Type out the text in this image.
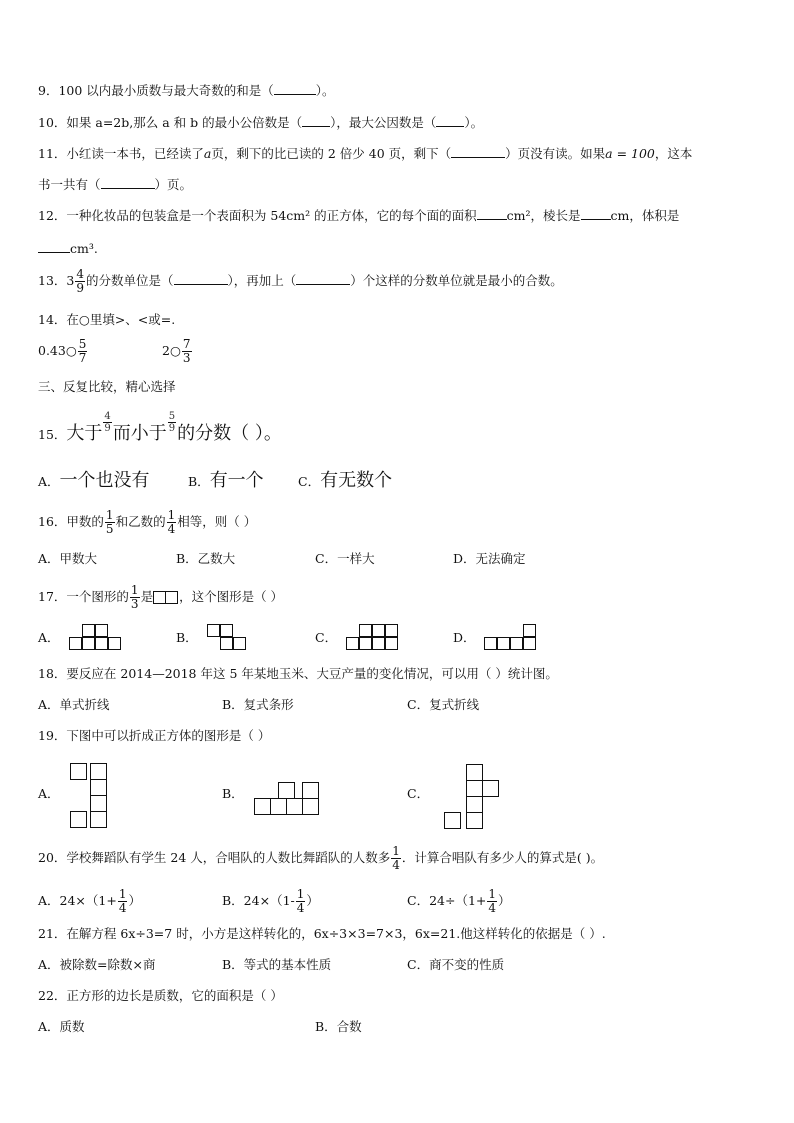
9．100 以内最小质数与最大奇数的和是（	）。
10．如果 a=2b,那么 a 和 b 的最小公倍数是（ ），最大公因数是（ ）。
11．小红读一本书，已经读了a页，剩下的比已读的 2 倍少 40 页，剩下（	）页没有读。如果a = 100，这本
书一共有（	）页。
12．一种化妆品的包装盒是一个表面积为 54cm² 的正方体，它的每个面的面积 cm²，棱长是 cm，体积是
cm³.
13．$3 \frac{4}{9}$ 的分数单位是（	），再加上（	）个这样的分数单位就是最小的合数。
14．在○里填>、<或=.
0.43○ $\frac{5}{7}$	2○ $\frac{7}{3}$
三、反复比较，精心选择
15．大于 $\frac{4}{9}$ 而小于 $\frac{5}{9}$ 的分数（ ）。
A．一个也没有	B．有一个	C．有无数个
16．甲数的 $\frac{1}{5}$ 和乙数的 $\frac{1}{4}$ 相等，则（ ）
A．甲数大	B．乙数大	C．一样大	D．无法确定
17．一个图形的 $\frac{1}{3}$ 是 ，这个图形是（ ）
A．	B．	C．	D．
18．要反应在 2014—2018 年这 5 年某地玉米、大豆产量的变化情况，可以用（ ）统计图。
A．单式折线	B．复式条形	C．复式折线
19．下图中可以折成正方体的图形是（ ）
A．	B．	C．
20．学校舞蹈队有学生 24 人，合唱队的人数比舞蹈队的人数多 $\frac{1}{4}$ ．计算合唱队有多少人的算式是( )。
A．$24\times(1+ \frac{1}{4}$ ）	B．$24\times(1- \frac{1}{4}$ ）	C．$24\div(1+ \frac{1}{4}$ ）
21．在解方程 6x÷3=7 时，小方是这样转化的，6x÷3×3=7×3，6x=21.他这样转化的依据是（ ）.
A．被除数=除数×商	B．等式的基本性质	C．商不变的性质
22．正方形的边长是质数，它的面积是（ ）
A．质数	B．合数
